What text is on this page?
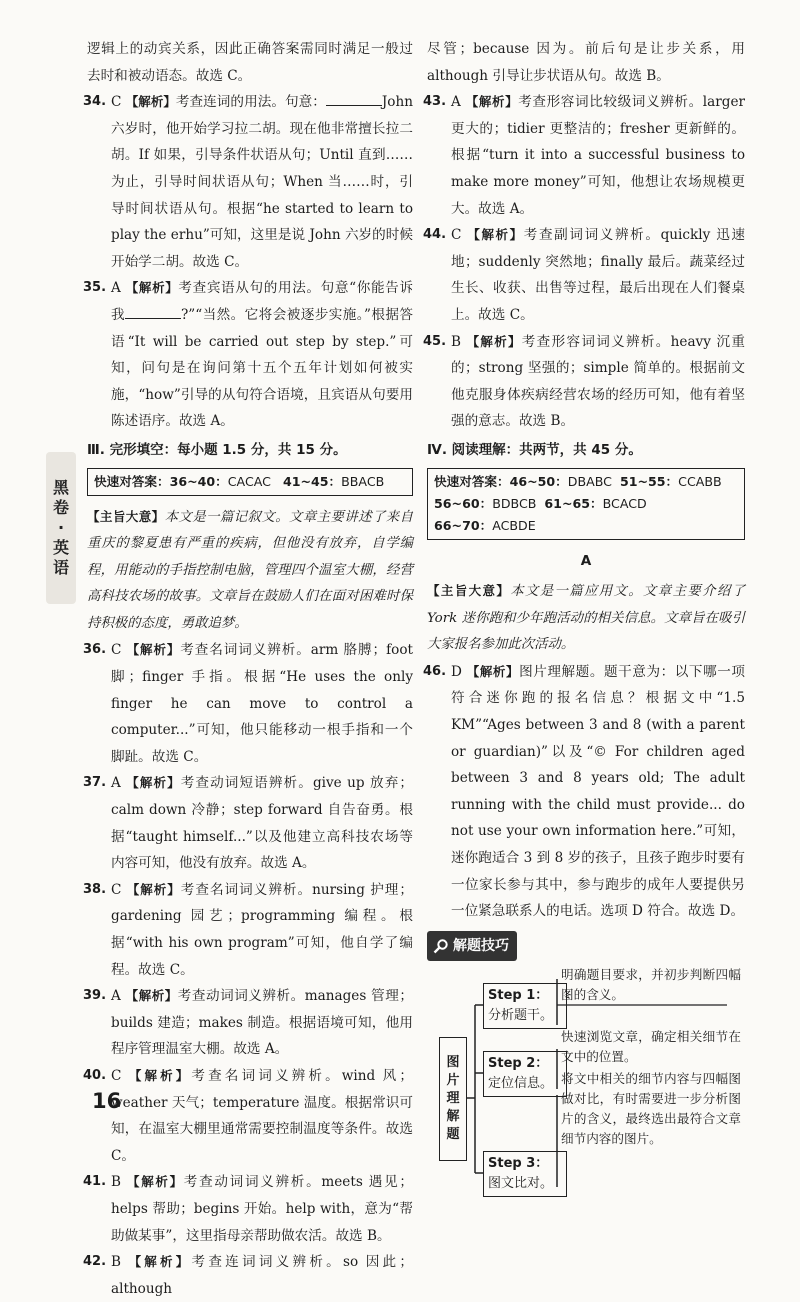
黑
卷
·
英
语

逻辑上的动宾关系，因此正确答案需同时满足一般过去时和被动语态。故选 C。

34. C 【解析】考查连词的用法。句意：	John 六岁时，他开始学习拉二胡。现在他非常擅长拉二胡。If 如果，引导条件状语从句；Until 直到……为止，引导时间状语从句；When 当……时，引导时间状语从句。根据“he started to learn to play the erhu”可知，这里是说 John 六岁的时候开始学二胡。故选 C。
35. A 【解析】考查宾语从句的用法。句意“你能告诉我	?”“当然。它将会被逐步实施。”根据答语“It will be carried out step by step.”可知，问句是在询问第十五个五年计划如何被实施，“how”引导的从句符合语境，且宾语从句要用陈述语序。故选 A。
Ⅲ. 完形填空：每小题 1.5 分，共 15 分。
快速对答案：36~40：CACAC 41~45：BBACB
【主旨大意】本文是一篇记叙文。文章主要讲述了来自重庆的黎夏患有严重的疾病，但他没有放弃，自学编程，用能动的手指控制电脑，管理四个温室大棚，经营高科技农场的故事。文章旨在鼓励人们在面对困难时保持积极的态度，勇敢追梦。
36. C 【解析】考查名词词义辨析。arm 胳膊；foot 脚；finger 手指。根据“He uses the only finger he can move to control a computer...”可知，他只能移动一根手指和一个脚趾。故选 C。
37. A 【解析】考查动词短语辨析。give up 放弃；calm down 冷静；step forward 自告奋勇。根据“taught himself...”以及他建立高科技农场等内容可知，他没有放弃。故选 A。
38. C 【解析】考查名词词义辨析。nursing 护理；gardening 园艺；programming 编程。根据“with his own program”可知，他自学了编程。故选 C。
39. A 【解析】考查动词词义辨析。manages 管理；builds 建造；makes 制造。根据语境可知，他用程序管理温室大棚。故选 A。
40. C 【解析】考查名词词义辨析。wind 风；weather 天气；temperature 温度。根据常识可知，在温室大棚里通常需要控制温度等条件。故选 C。
41. B 【解析】考查动词词义辨析。meets 遇见；helps 帮助；begins 开始。help with，意为“帮助做某事”，这里指母亲帮助做农活。故选 B。
42. B 【解析】考查连词词义辨析。so 因此；although

尽管；because 因为。前后句是让步关系，用 although 引导让步状语从句。故选 B。

43. A 【解析】考查形容词比较级词义辨析。larger 更大的；tidier 更整洁的；fresher 更新鲜的。根据“turn it into a successful business to make more money”可知，他想让农场规模更大。故选 A。
44. C 【解析】考查副词词义辨析。quickly 迅速地；suddenly 突然地；finally 最后。蔬菜经过生长、收获、出售等过程，最后出现在人们餐桌上。故选 C。
45. B 【解析】考查形容词词义辨析。heavy 沉重的；strong 坚强的；simple 简单的。根据前文他克服身体疾病经营农场的经历可知，他有着坚强的意志。故选 B。
Ⅳ. 阅读理解：共两节，共 45 分。
快速对答案：46~50：DBABC 51~55：CCABB
56~60：BDBCB 61~65：BCACD
66~70：ACBDE
A
【主旨大意】本文是一篇应用文。文章主要介绍了 York 迷你跑和少年跑活动的相关信息。文章旨在吸引大家报名参加此次活动。
46. D 【解析】图片理解题。题干意为：以下哪一项符合迷你跑的报名信息？根据文中“1.5 KM”“Ages between 3 and 8 (with a parent or guardian)”以及“© For children aged between 3 and 8 years old; The adult running with the child must provide... do not use your own information here.”可知，迷你跑适合 3 到 8 岁的孩子，且孩子跑步时要有一位家长参与其中，参与跑步的成年人要提供另一位紧急联系人的电话。选项 D 符合。故选 D。
解题技巧
图
片
理
解
题
Step 1：
分析题干。
明确题目要求，并初步判断四幅图的含义。
Step 2：
定位信息。
快速浏览文章，确定相关细节在文中的位置。
将文中相关的细节内容与四幅图做对比，有时需要进一步分析图片的含义，最终选出最符合文章细节内容的图片。
Step 3：
图文比对。
16
